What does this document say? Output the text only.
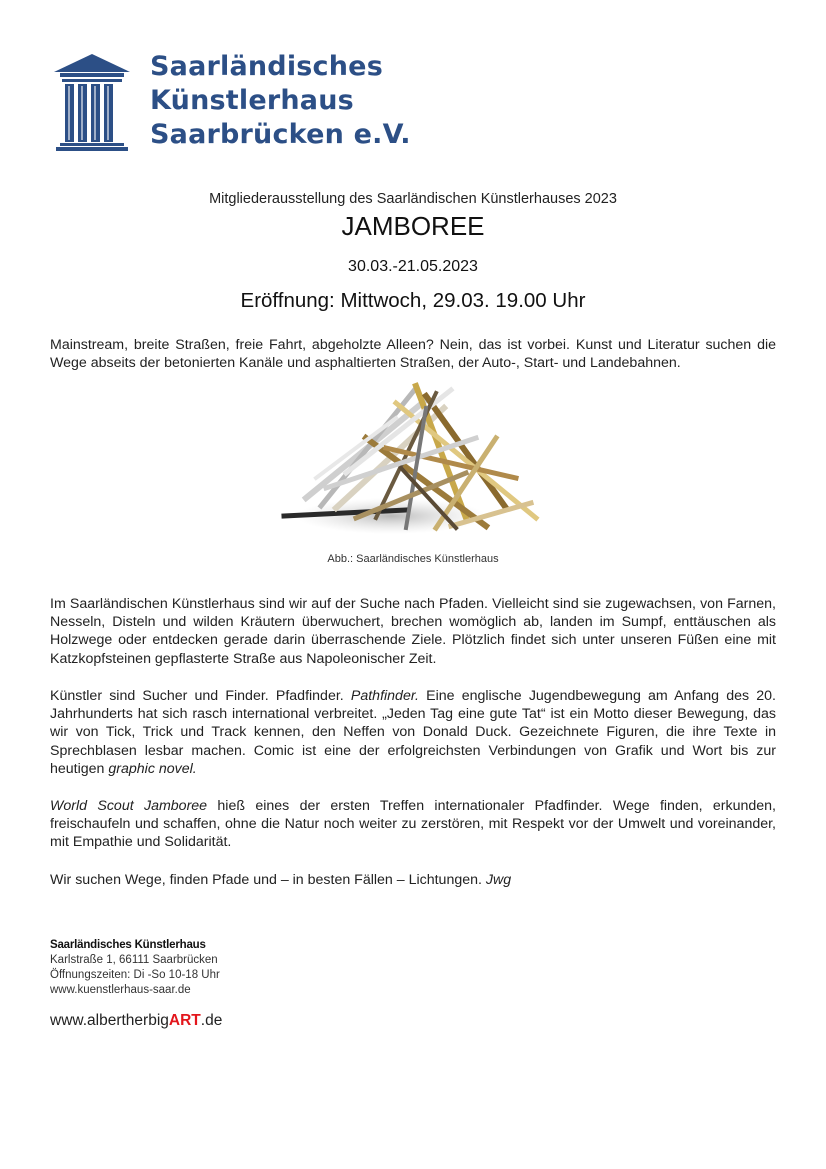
Saarländisches
Künstlerhaus
Saarbrücken e.V.
Mitgliederausstellung des Saarländischen Künstlerhauses 2023
JAMBOREE
30.03.-21.05.2023
Eröffnung: Mittwoch, 29.03. 19.00 Uhr

Mainstream, breite Straßen, freie Fahrt, abgeholzte Alleen? Nein, das ist vorbei. Kunst und Literatur suchen die Wege abseits der betonierten Kanäle und asphaltierten Straßen, der Auto-, Start- und Landebahnen.

Abb.: Saarländisches Künstlerhaus

Im Saarländischen Künstlerhaus sind wir auf der Suche nach Pfaden. Vielleicht sind sie zugewachsen, von Farnen, Nesseln, Disteln und wilden Kräutern überwuchert, brechen womöglich ab, landen im Sumpf, enttäuschen als Holzwege oder entdecken gerade darin überraschende Ziele. Plötzlich findet sich unter unseren Füßen eine mit Katzkopfsteinen gepflasterte Straße aus Napoleonischer Zeit.

Künstler sind Sucher und Finder. Pfadfinder. Pathfinder. Eine englische Jugendbewegung am Anfang des 20. Jahrhunderts hat sich rasch international verbreitet. „Jeden Tag eine gute Tat“ ist ein Motto dieser Bewegung, das wir von Tick, Trick und Track kennen, den Neffen von Donald Duck. Gezeichnete Figuren, die ihre Texte in Sprechblasen lesbar machen. Comic ist eine der erfolgreichsten Verbindungen von Grafik und Wort bis zur heutigen graphic novel.

World Scout Jamboree hieß eines der ersten Treffen internationaler Pfadfinder. Wege finden, erkunden, freischaufeln und schaffen, ohne die Natur noch weiter zu zerstören, mit Respekt vor der Umwelt und voreinander, mit Empathie und Solidarität.

Wir suchen Wege, finden Pfade und – in besten Fällen – Lichtungen. Jwg

Saarländisches Künstlerhaus
Karlstraße 1, 66111 Saarbrücken
Öffnungszeiten: Di -So 10-18 Uhr
www.kuenstlerhaus-saar.de
www.albertherbigART.de
